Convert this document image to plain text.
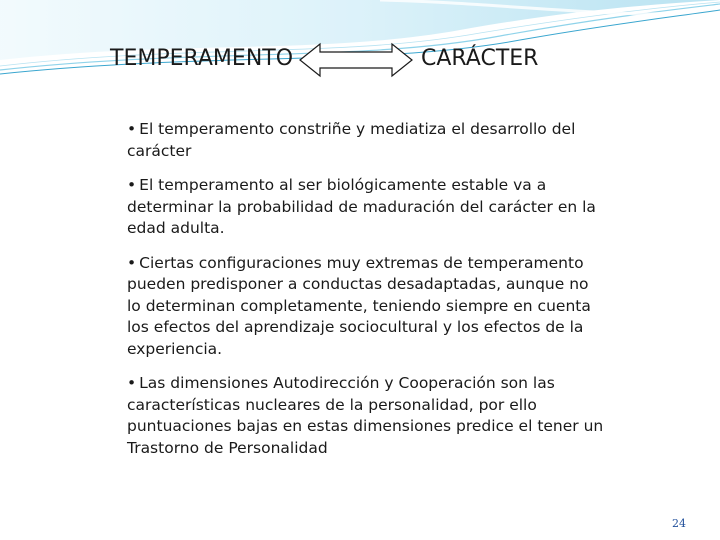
TEMPERAMENTO	CARÁCTER
• El temperamento constriñe y mediatiza el desarrollo del carácter
• El temperamento al ser biológicamente estable va a determinar la probabilidad de maduración del carácter en la edad adulta.
• Ciertas configuraciones muy extremas de temperamento pueden predisponer a conductas desadaptadas, aunque no lo determinan completamente, teniendo siempre en cuenta los efectos del aprendizaje sociocultural y los efectos de la experiencia.
• Las dimensiones Autodirección y Cooperación son las características nucleares de la personalidad, por ello puntuaciones bajas en estas dimensiones predice el tener un Trastorno de Personalidad
24
